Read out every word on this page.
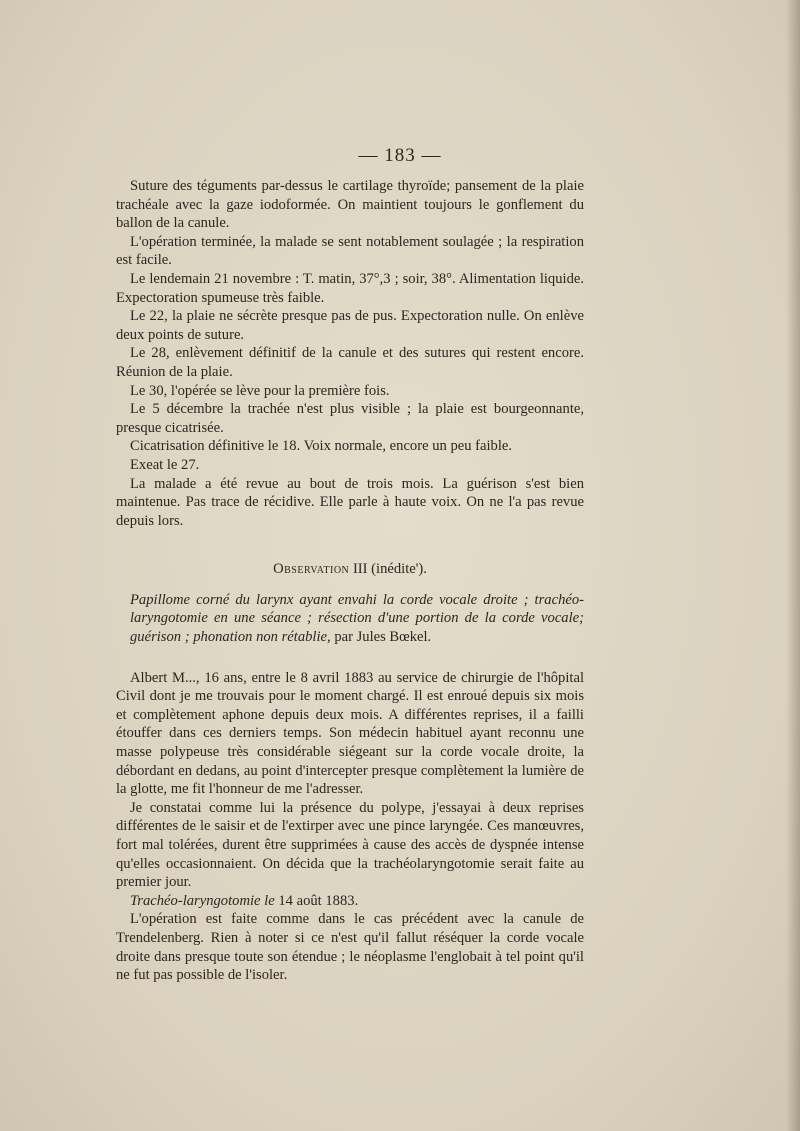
— 183 —

Suture des téguments par-dessus le cartilage thyroïde; pansement de la plaie trachéale avec la gaze iodoformée. On maintient toujours le gonflement du ballon de la canule.

L'opération terminée, la malade se sent notablement soulagée ; la respiration est facile.

Le lendemain 21 novembre : T. matin, 37°,3 ; soir, 38°. Alimentation liquide. Expectoration spumeuse très faible.

Le 22, la plaie ne sécrète presque pas de pus. Expectoration nulle. On enlève deux points de suture.

Le 28, enlèvement définitif de la canule et des sutures qui restent encore. Réunion de la plaie.

Le 30, l'opérée se lève pour la première fois.

Le 5 décembre la trachée n'est plus visible ; la plaie est bourgeonnante, presque cicatrisée.

Cicatrisation définitive le 18. Voix normale, encore un peu faible.

Exeat le 27.

La malade a été revue au bout de trois mois. La guérison s'est bien maintenue. Pas trace de récidive. Elle parle à haute voix. On ne l'a pas revue depuis lors.

Observation III (inédite').

Papillome corné du larynx ayant envahi la corde vocale droite ; trachéo-laryngotomie en une séance ; résection d'une portion de la corde vocale; guérison ; phonation non rétablie, par Jules Bœkel.

Albert M..., 16 ans, entre le 8 avril 1883 au service de chirurgie de l'hôpital Civil dont je me trouvais pour le moment chargé. Il est enroué depuis six mois et complètement aphone depuis deux mois. A différentes reprises, il a failli étouffer dans ces derniers temps. Son médecin habituel ayant reconnu une masse polypeuse très considérable siégeant sur la corde vocale droite, la débordant en dedans, au point d'intercepter presque complètement la lumière de la glotte, me fit l'honneur de me l'adresser.

Je constatai comme lui la présence du polype, j'essayai à deux reprises différentes de le saisir et de l'extirper avec une pince laryngée. Ces manœuvres, fort mal tolérées, durent être supprimées à cause des accès de dyspnée intense qu'elles occasionnaient. On décida que la trachéolaryngotomie serait faite au premier jour.

Trachéo-laryngotomie le 14 août 1883.

L'opération est faite comme dans le cas précédent avec la canule de Trendelenberg. Rien à noter si ce n'est qu'il fallut réséquer la corde vocale droite dans presque toute son étendue ; le néoplasme l'englobait à tel point qu'il ne fut pas possible de l'isoler.
